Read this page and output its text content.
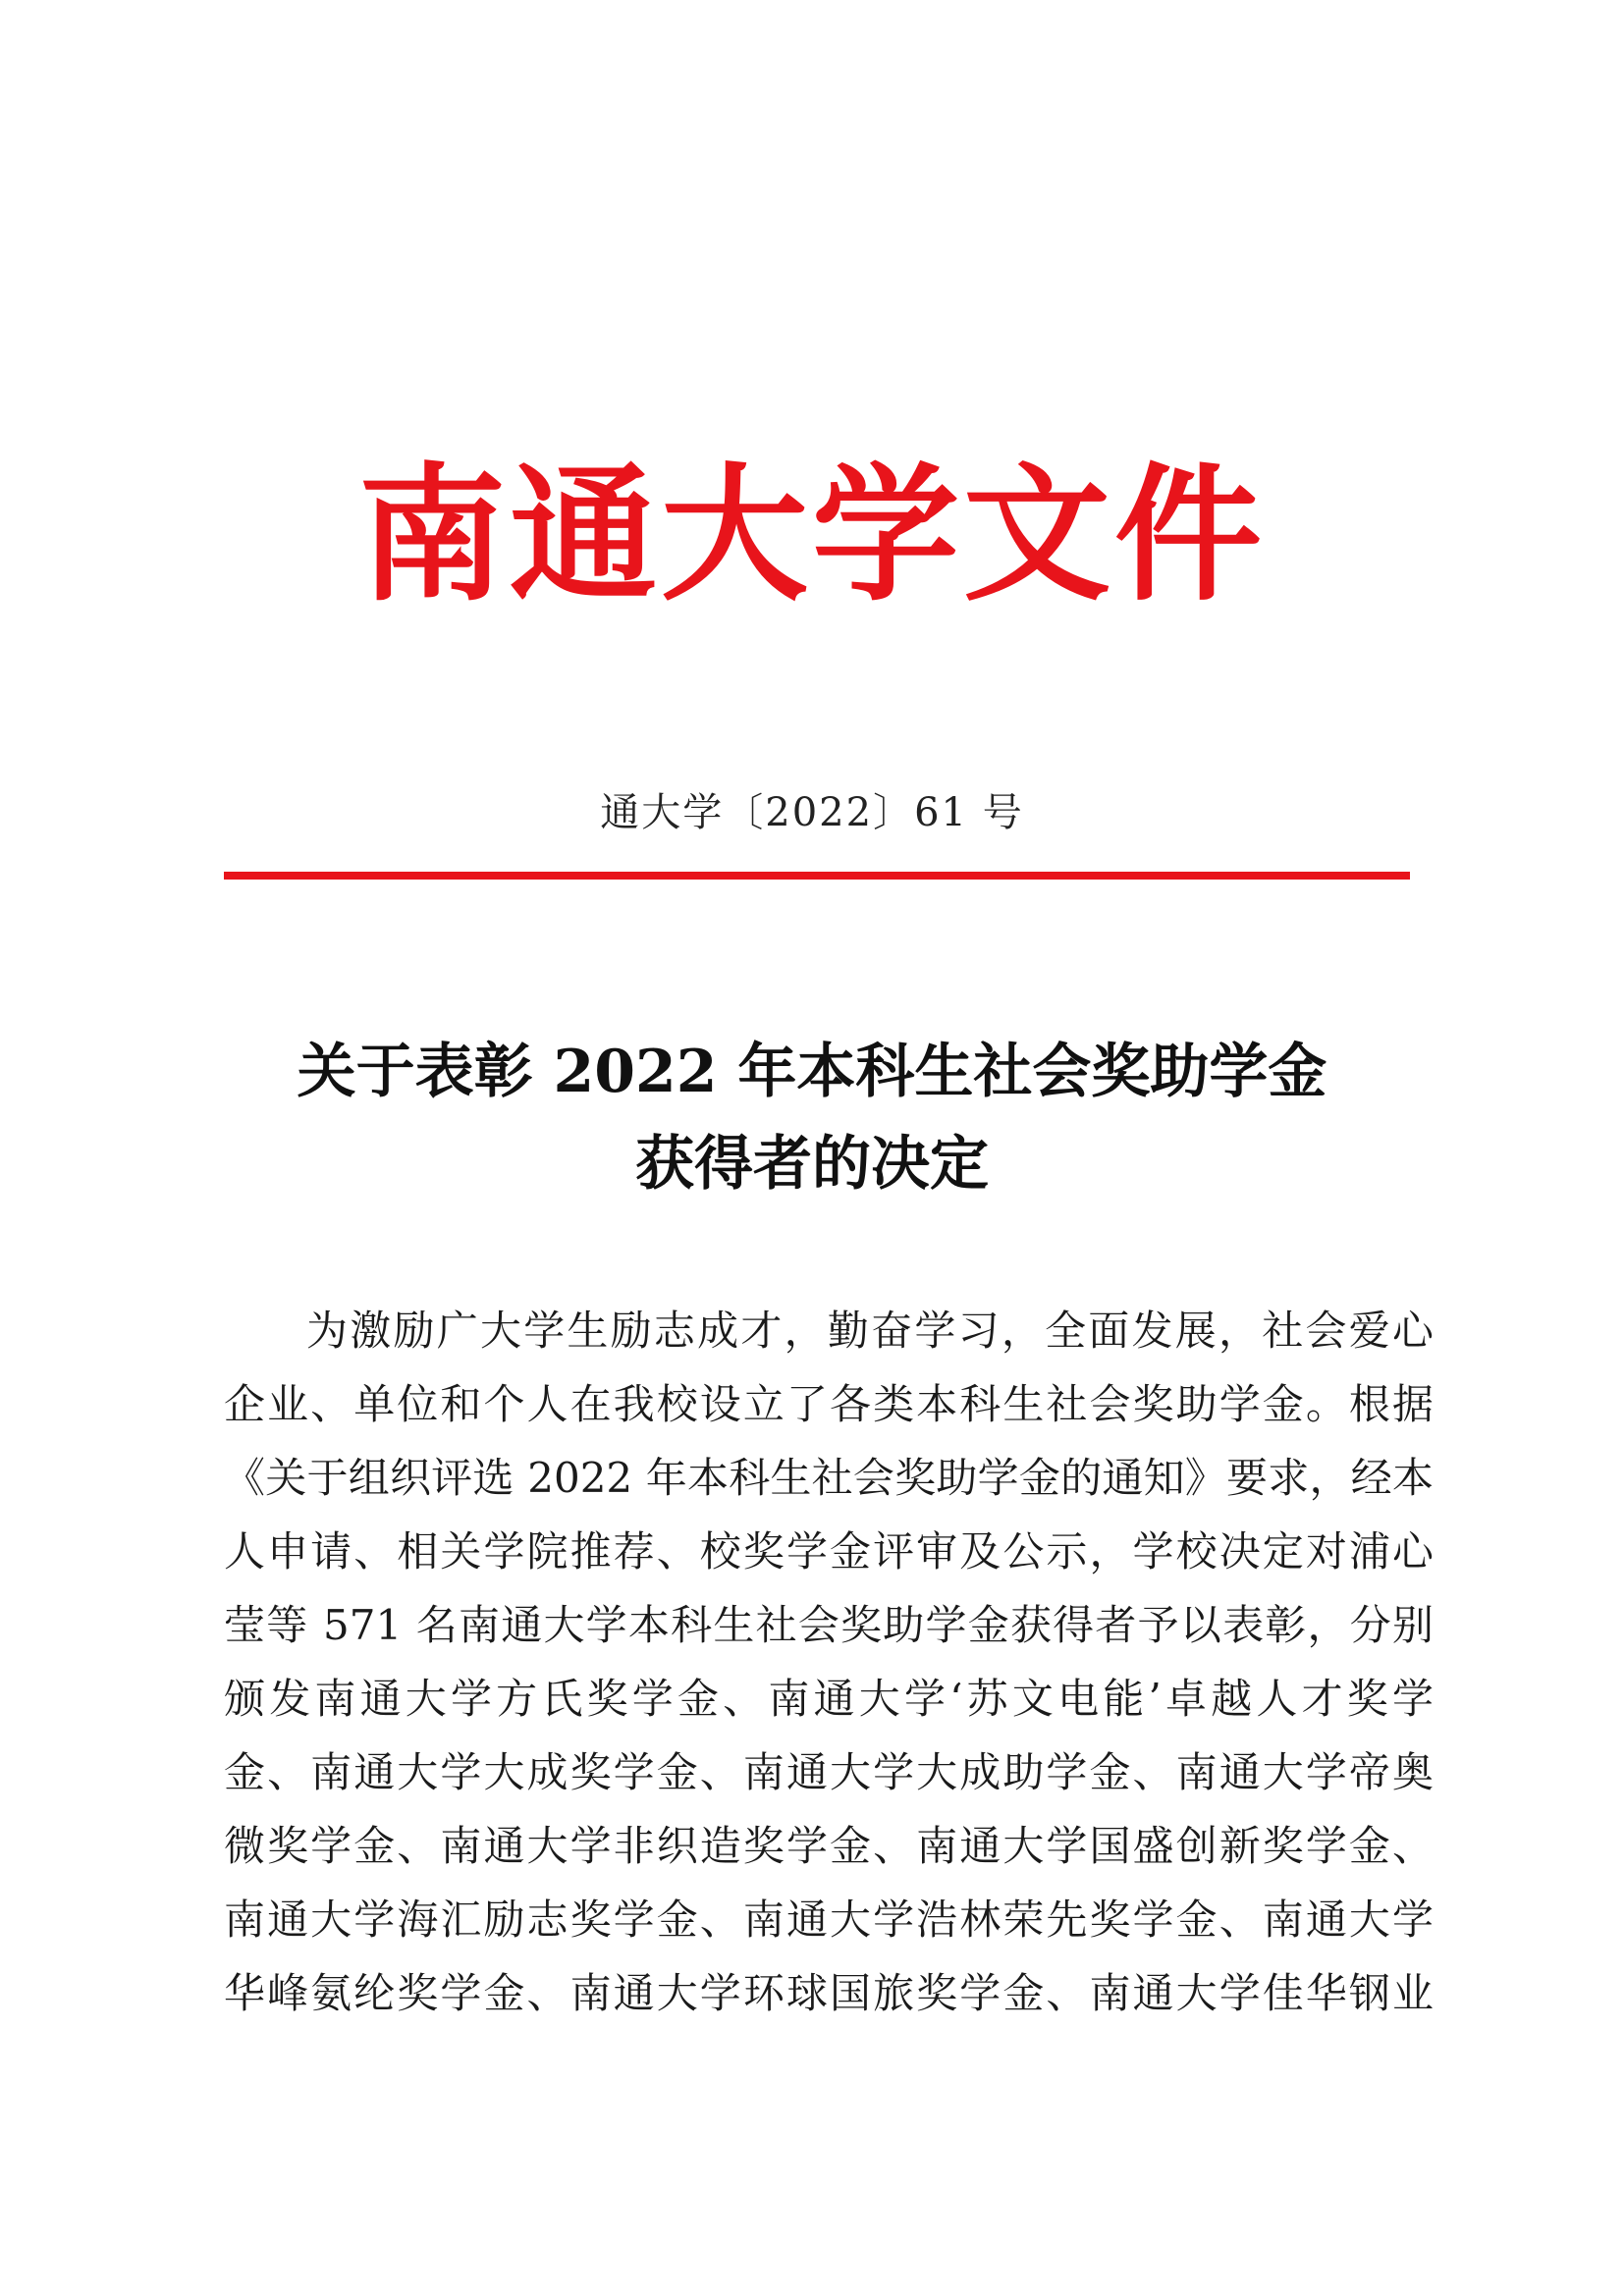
南通大学文件
通大学〔2022〕61 号
关于表彰 2022 年本科生社会奖助学金
获得者的决定
为激励广大学生励志成才，勤奋学习，全面发展，社会爱心
企业、单位和个人在我校设立了各类本科生社会奖助学金。根据
《关于组织评选 2022 年本科生社会奖助学金的通知》要求，经本
人申请、相关学院推荐、校奖学金评审及公示，学校决定对浦心
莹等 571 名南通大学本科生社会奖助学金获得者予以表彰，分别
颁发南通大学方氏奖学金、南通大学‘苏文电能’卓越人才奖学
金、南通大学大成奖学金、南通大学大成助学金、南通大学帝奥
微奖学金、南通大学非织造奖学金、南通大学国盛创新奖学金、
南通大学海汇励志奖学金、南通大学浩林荣先奖学金、南通大学
华峰氨纶奖学金、南通大学环球国旅奖学金、南通大学佳华钢业
